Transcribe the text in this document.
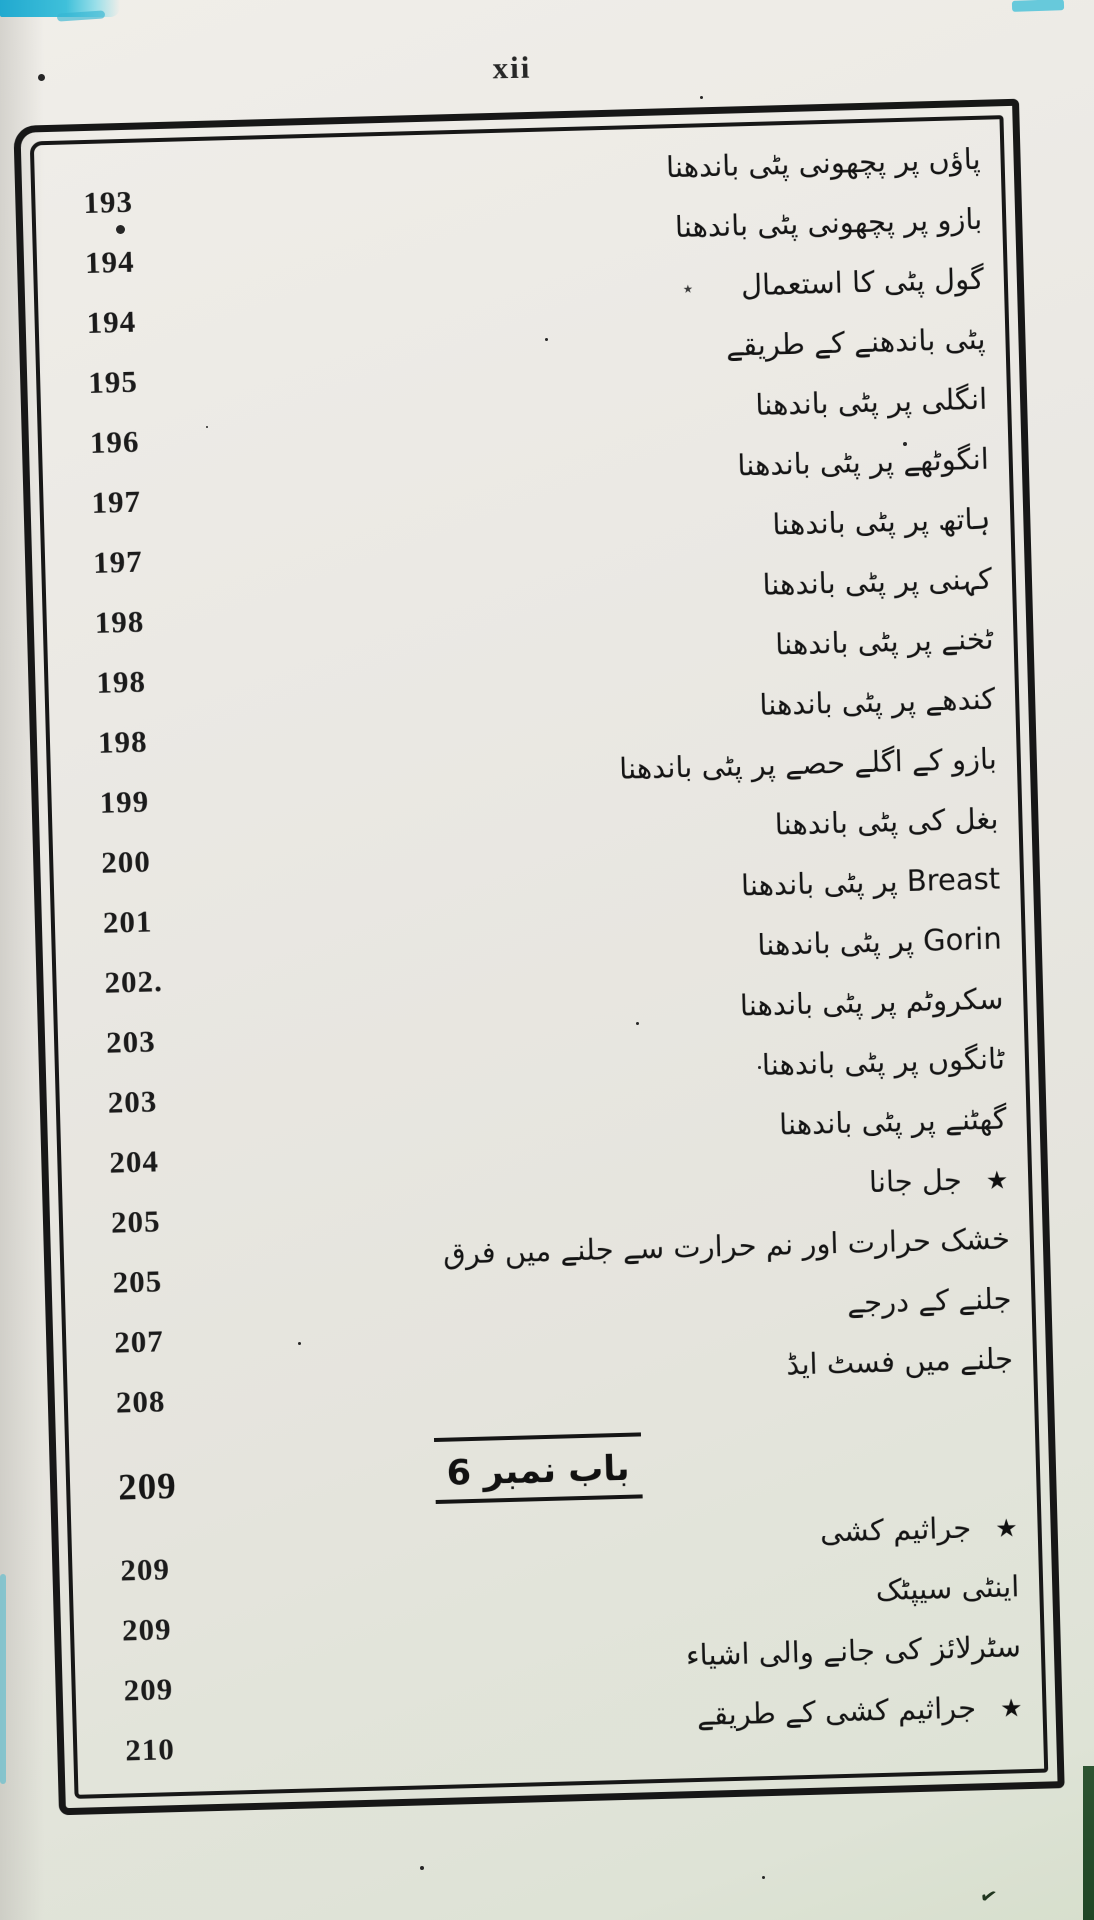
✔
xii
193
پاؤں پر پچھونی پٹی باندھنا
194
بازو پر پچھونی پٹی باندھنا
194
گول پٹی کا استعمال٭
195
پٹی باندھنے کے طریقے
196
انگلی پر پٹی باندھنا
197
انگوٹھے پر پٹی باندھنا
197
ہاتھ پر پٹی باندھنا
198
کہنی پر پٹی باندھنا
198
ٹخنے پر پٹی باندھنا
198
کندھے پر پٹی باندھنا
199
بازو کے اگلے حصے پر پٹی باندھنا
200
بغل کی پٹی باندھنا
201
Breast پر پٹی باندھنا
202.
Gorin پر پٹی باندھنا
203
سکروٹم پر پٹی باندھنا
203
ٹانگوں پر پٹی باندھنا
204
گھٹنے پر پٹی باندھنا
205
★جل جانا
205
خشک حرارت اور نم حرارت سے جلنے میں فرق
207
جلنے کے درجے
208
جلنے میں فسٹ ایڈ
209	باب نمبر 6
209
★جراثیم کشی
209
اینٹی سیپٹک
209
سٹرلائز کی جانے والی اشیاء
210
★جراثیم کشی کے طریقے
